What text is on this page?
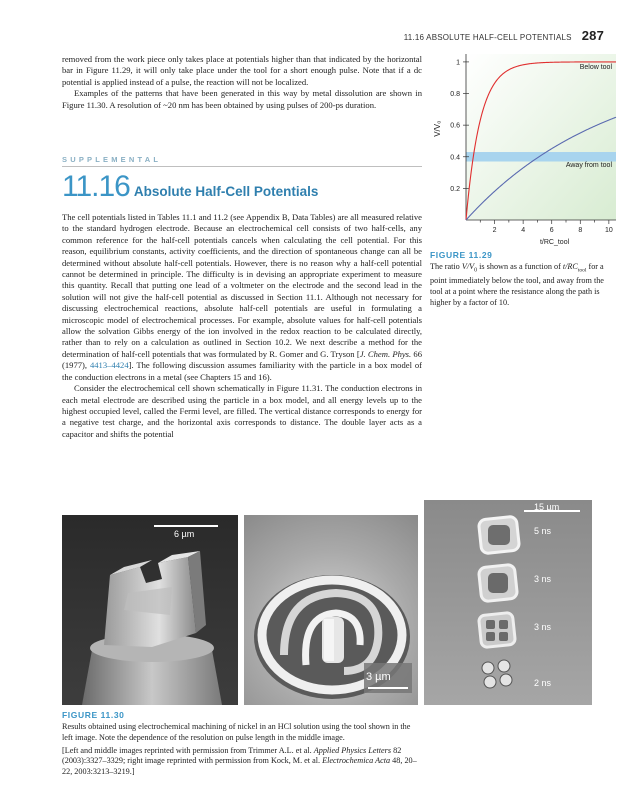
11.16 ABSOLUTE HALF-CELL POTENTIALS 287

removed from the work piece only takes place at potentials higher than that indicated by the horizontal bar in Figure 11.29, it will only take place under the tool for a short enough pulse. Note that if a dc potential is applied instead of a pulse, the reaction will not be localized.

Examples of the patterns that have been generated in this way by metal dissolution are shown in Figure 11.30. A resolution of ~20 nm has been obtained by using pulses of 200-ps duration.

SUPPLEMENTAL
11.16 Absolute Half-Cell Potentials

The cell potentials listed in Tables 11.1 and 11.2 (see Appendix B, Data Tables) are all measured relative to the standard hydrogen electrode. Because an electrochemical cell consists of two half-cells, any common reference for the half-cell potentials cancels when calculating the cell potential. For this reason, equilibrium constants, activity coefficients, and the direction of spontaneous change can all be determined without absolute half-cell potentials. However, there is no reason why a half-cell potential cannot be determined in principle. The difficulty is in devising an appropriate experiment to measure this quantity. Recall that putting one lead of a voltmeter on the electrode and the second lead in the solution will not give the half-cell potential as discussed in Section 11.1. Although not necessary for discussing electrochemical reactions, absolute half-cell potentials are useful in formulating a microscopic model of electrochemical processes. For example, absolute values for half-cell potentials allow the solvation Gibbs energy of the ion involved in the redox reaction to be calculated directly, rather than to rely on a calculation as outlined in Section 10.2. We next describe a method for the determination of half-cell potentials that was formulated by R. Gomer and G. Tryson [J. Chem. Phys. 66 (1977), 4413–4424]. The following discussion assumes familiarity with the particle in a box model of the conduction electrons in a metal (see Chapters 15 and 16).

Consider the electrochemical cell shown schematically in Figure 11.31. The conduction electrons in each metal electrode are described using the particle in a box model, and all energy levels up to the highest occupied level, called the Fermi level, are filled. The vertical distance corresponds to energy for a negative test charge, and the horizontal axis corresponds to distance. The double layer acts as a capacitor and shifts the potential

0.2
0.4
0.6
0.8
1
2	4	6	8	10
Below tool
Away from tool
V/V₀
t/RC_tool
FIGURE 11.29
The ratio $V/V_0$ is shown as a function of $t/RC_{tool}$ for a point immediately below the tool, and away from the tool at a point where the resistance along the path is higher by a factor of 10.
6 µm
3 µm
15 µm
5 ns
3 ns
3 ns
2 ns
FIGURE 11.30
Results obtained using electrochemical machining of nickel in an HCl solution using the tool shown in the left image. Note the dependence of the resolution on pulse length in the middle image.
[Left and middle images reprinted with permission from Trimmer A.L. et al. Applied Physics Letters 82 (2003):3327–3329; right image reprinted with permission from Kock, M. et al. Electrochemica Acta 48, 20–22, 2003:3213–3219.]
